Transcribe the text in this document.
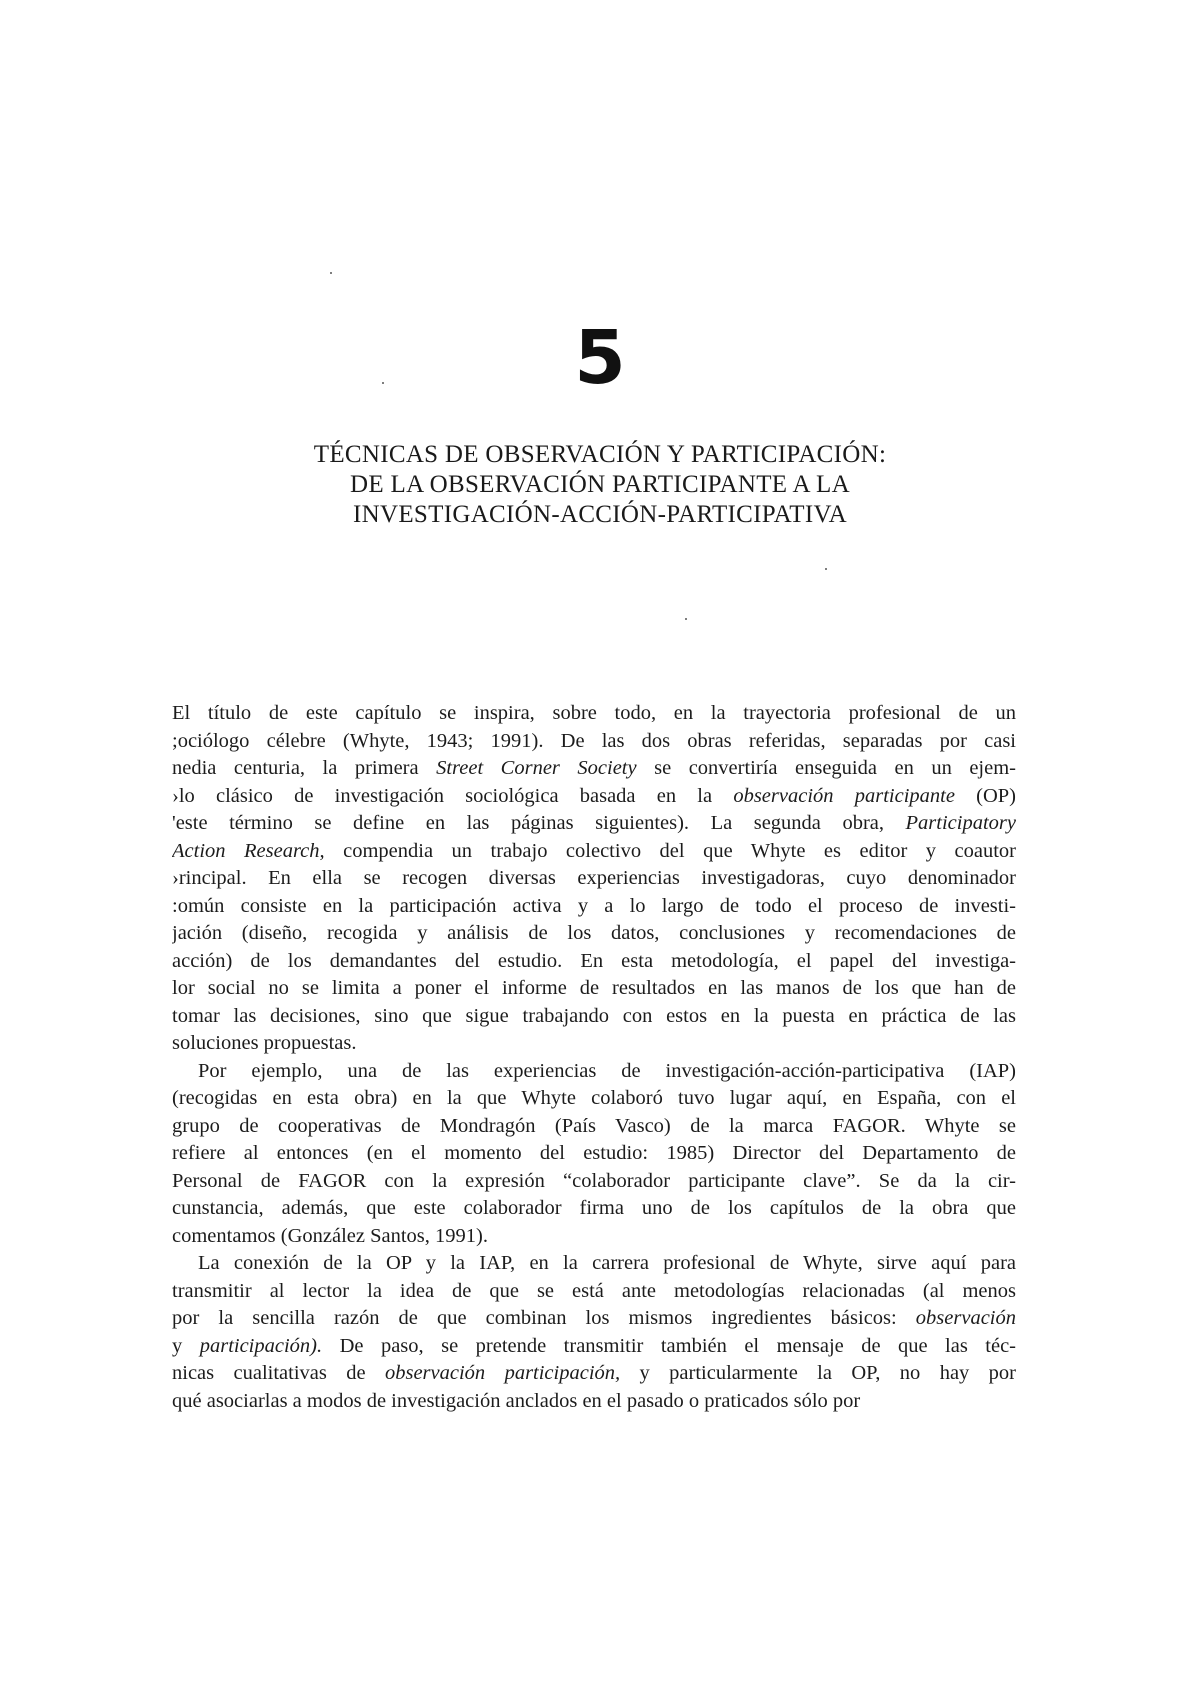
5
TÉCNICAS DE OBSERVACIÓN Y PARTICIPACIÓN:
DE LA OBSERVACIÓN PARTICIPANTE A LA
INVESTIGACIÓN-ACCIÓN-PARTICIPATIVA

El título de este capítulo se inspira, sobre todo, en la trayectoria profesional de un
;ociólogo célebre (Whyte, 1943; 1991). De las dos obras referidas, separadas por casi
nedia centuria, la primera Street Corner Society se convertiría enseguida en un ejem-
›lo clásico de investigación sociológica basada en la observación participante (OP)
'este término se define en las páginas siguientes). La segunda obra, Participatory
Action Research, compendia un trabajo colectivo del que Whyte es editor y coautor
›rincipal. En ella se recogen diversas experiencias investigadoras, cuyo denominador
:omún consiste en la participación activa y a lo largo de todo el proceso de investi-
jación (diseño, recogida y análisis de los datos, conclusiones y recomendaciones de
acción) de los demandantes del estudio. En esta metodología, el papel del investiga-
lor social no se limita a poner el informe de resultados en las manos de los que han de
tomar las decisiones, sino que sigue trabajando con estos en la puesta en práctica de las
soluciones propuestas.

Por ejemplo, una de las experiencias de investigación-acción-participativa (IAP)
(recogidas en esta obra) en la que Whyte colaboró tuvo lugar aquí, en España, con el
grupo de cooperativas de Mondragón (País Vasco) de la marca FAGOR. Whyte se
refiere al entonces (en el momento del estudio: 1985) Director del Departamento de
Personal de FAGOR con la expresión “colaborador participante clave”. Se da la cir-
cunstancia, además, que este colaborador firma uno de los capítulos de la obra que
comentamos (González Santos, 1991).

La conexión de la OP y la IAP, en la carrera profesional de Whyte, sirve aquí para
transmitir al lector la idea de que se está ante metodologías relacionadas (al menos
por la sencilla razón de que combinan los mismos ingredientes básicos: observación
y participación). De paso, se pretende transmitir también el mensaje de que las téc-
nicas cualitativas de observación participación, y particularmente la OP, no hay por
qué asociarlas a modos de investigación anclados en el pasado o praticados sólo por
